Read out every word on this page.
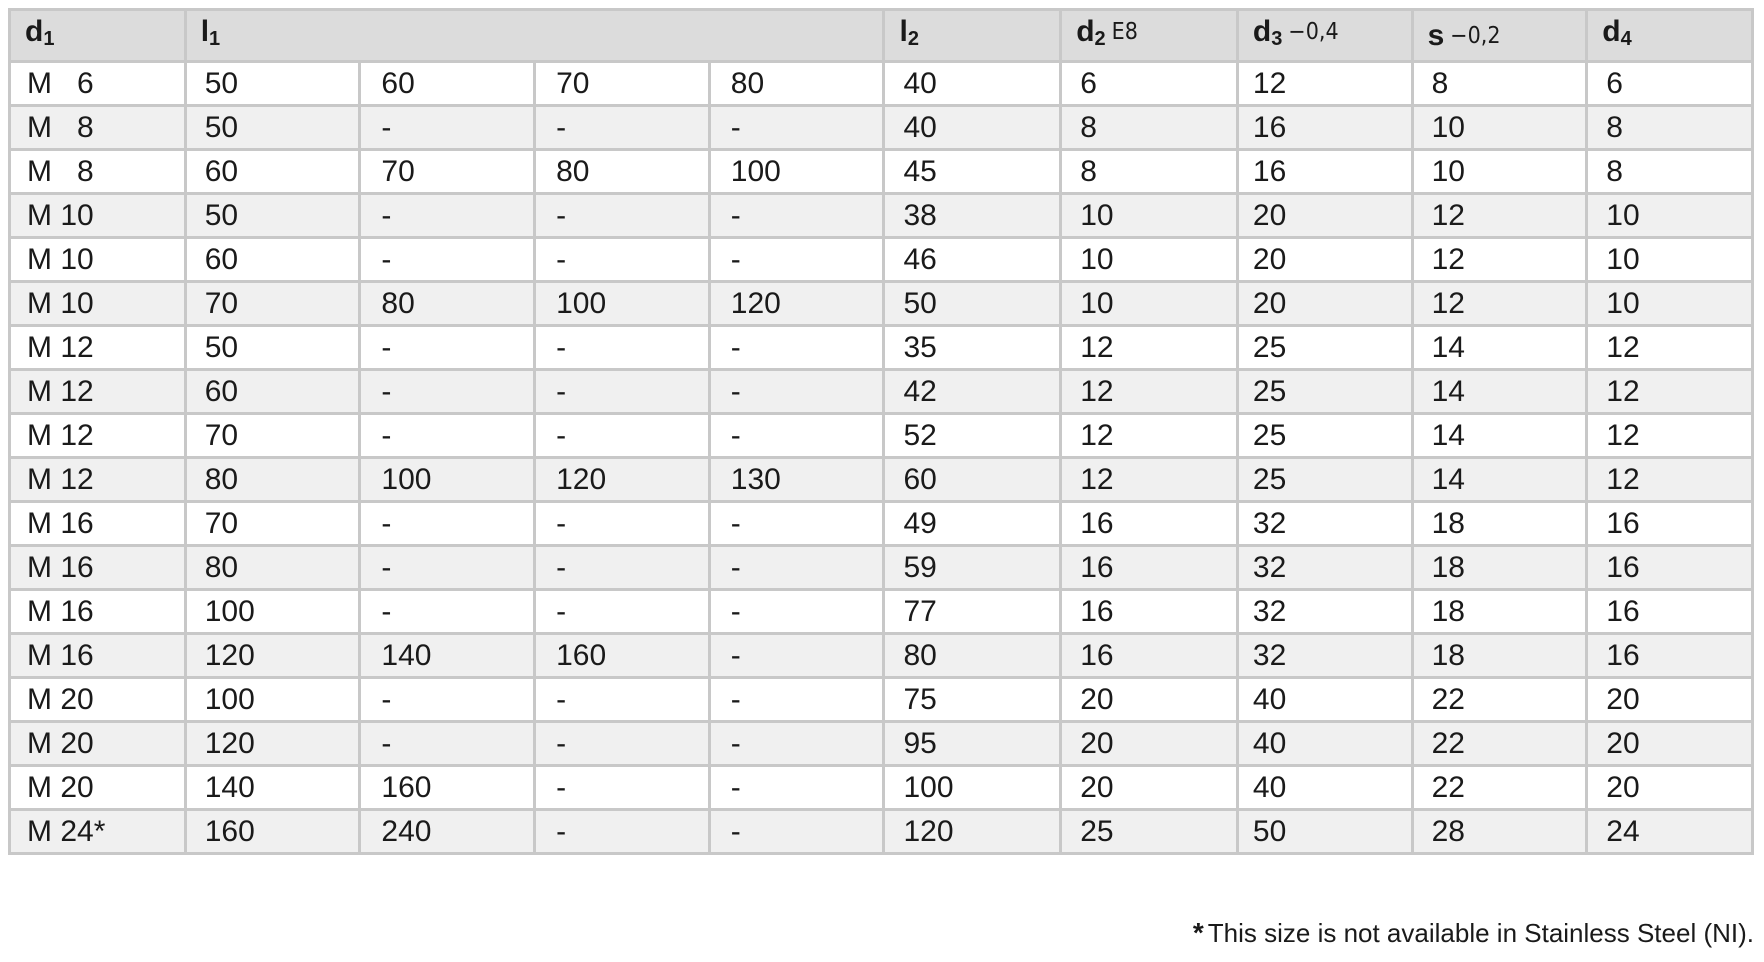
$d_1$	$l_1$				$l_2$	$d_2$ E8	$d_3 -0,4$	s −0,2	$d_4$
M   6	50	60	70	80	40	6	12	8	6
M   8	50	-	-	-	40	8	16	10	8
M   8	60	70	80	100	45	8	16	10	8
M 10	50	-	-	-	38	10	20	12	10
M 10	60	-	-	-	46	10	20	12	10
M 10	70	80	100	120	50	10	20	12	10
M 12	50	-	-	-	35	12	25	14	12
M 12	60	-	-	-	42	12	25	14	12
M 12	70	-	-	-	52	12	25	14	12
M 12	80	100	120	130	60	12	25	14	12
M 16	70	-	-	-	49	16	32	18	16
M 16	80	-	-	-	59	16	32	18	16
M 16	100	-	-	-	77	16	32	18	16
M 16	120	140	160	-	80	16	32	18	16
M 20	100	-	-	-	75	20	40	22	20
M 20	120	-	-	-	95	20	40	22	20
M 20	140	160	-	-	100	20	40	22	20
M 24*	160	240	-	-	120	25	50	28	24
* This size is not available in Stainless Steel (NI).
